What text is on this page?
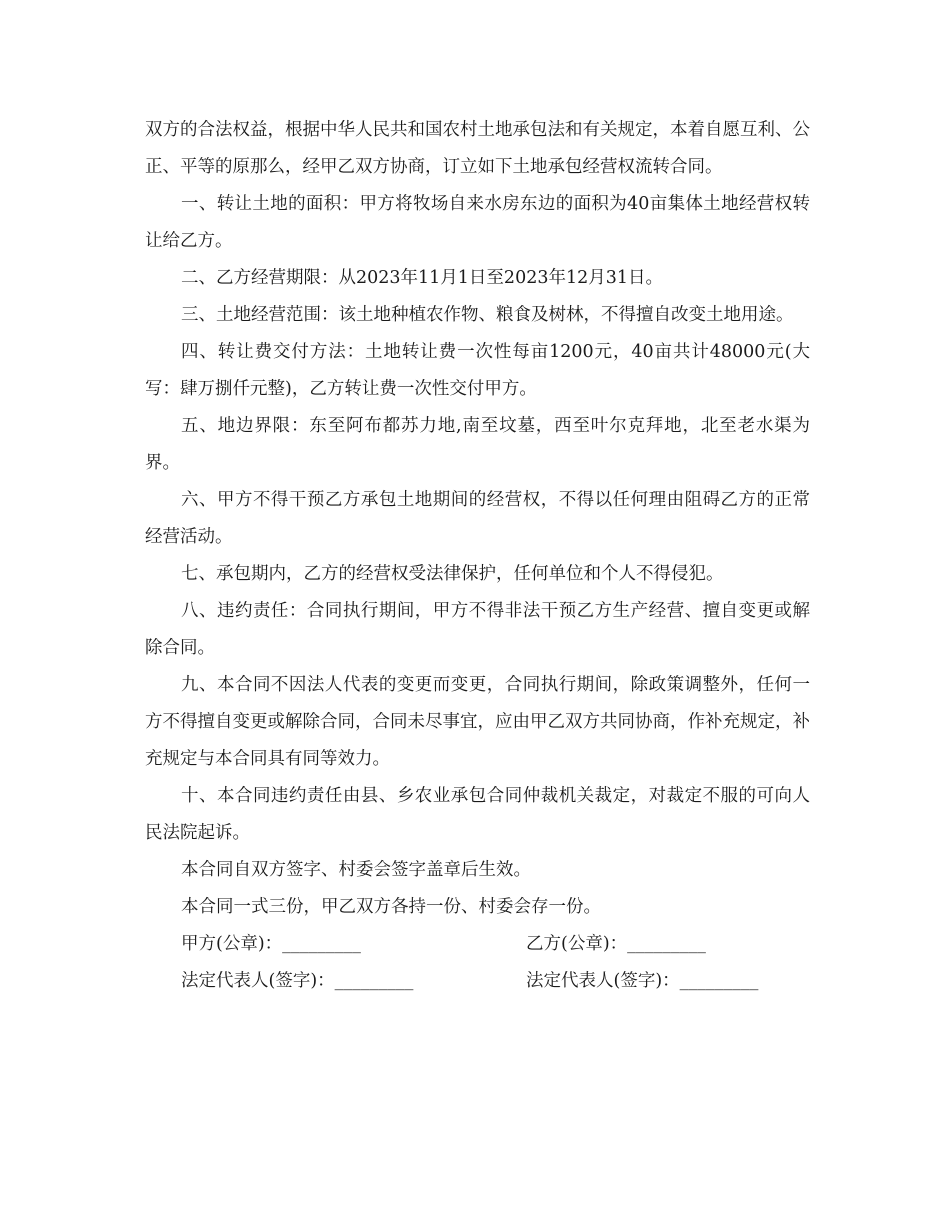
双方的合法权益，根据中华人民共和国农村土地承包法和有关规定，本着自愿互利、公正、平等的原那么，经甲乙双方协商，订立如下土地承包经营权流转合同。

一、转让土地的面积：甲方将牧场自来水房东边的面积为40亩集体土地经营权转让给乙方。

二、乙方经营期限：从2023年11月1日至2023年12月31日。

三、土地经营范围：该土地种植农作物、粮食及树林，不得擅自改变土地用途。

四、转让费交付方法：土地转让费一次性每亩1200元，40亩共计48000元(大写：肆万捌仟元整)，乙方转让费一次性交付甲方。

五、地边界限：东至阿布都苏力地,南至坟墓，西至叶尔克拜地，北至老水渠为界。

六、甲方不得干预乙方承包土地期间的经营权，不得以任何理由阻碍乙方的正常经营活动。

七、承包期内，乙方的经营权受法律保护，任何单位和个人不得侵犯。

八、违约责任：合同执行期间，甲方不得非法干预乙方生产经营、擅自变更或解除合同。

九、本合同不因法人代表的变更而变更，合同执行期间，除政策调整外，任何一方不得擅自变更或解除合同，合同未尽事宜，应由甲乙双方共同协商，作补充规定，补充规定与本合同具有同等效力。

十、本合同违约责任由县、乡农业承包合同仲裁机关裁定，对裁定不服的可向人民法院起诉。

本合同自双方签字、村委会签字盖章后生效。

本合同一式三份，甲乙双方各持一份、村委会存一份。

甲方(公章)：_________	乙方(公章)：_________
法定代表人(签字)：_________	法定代表人(签字)：_________
